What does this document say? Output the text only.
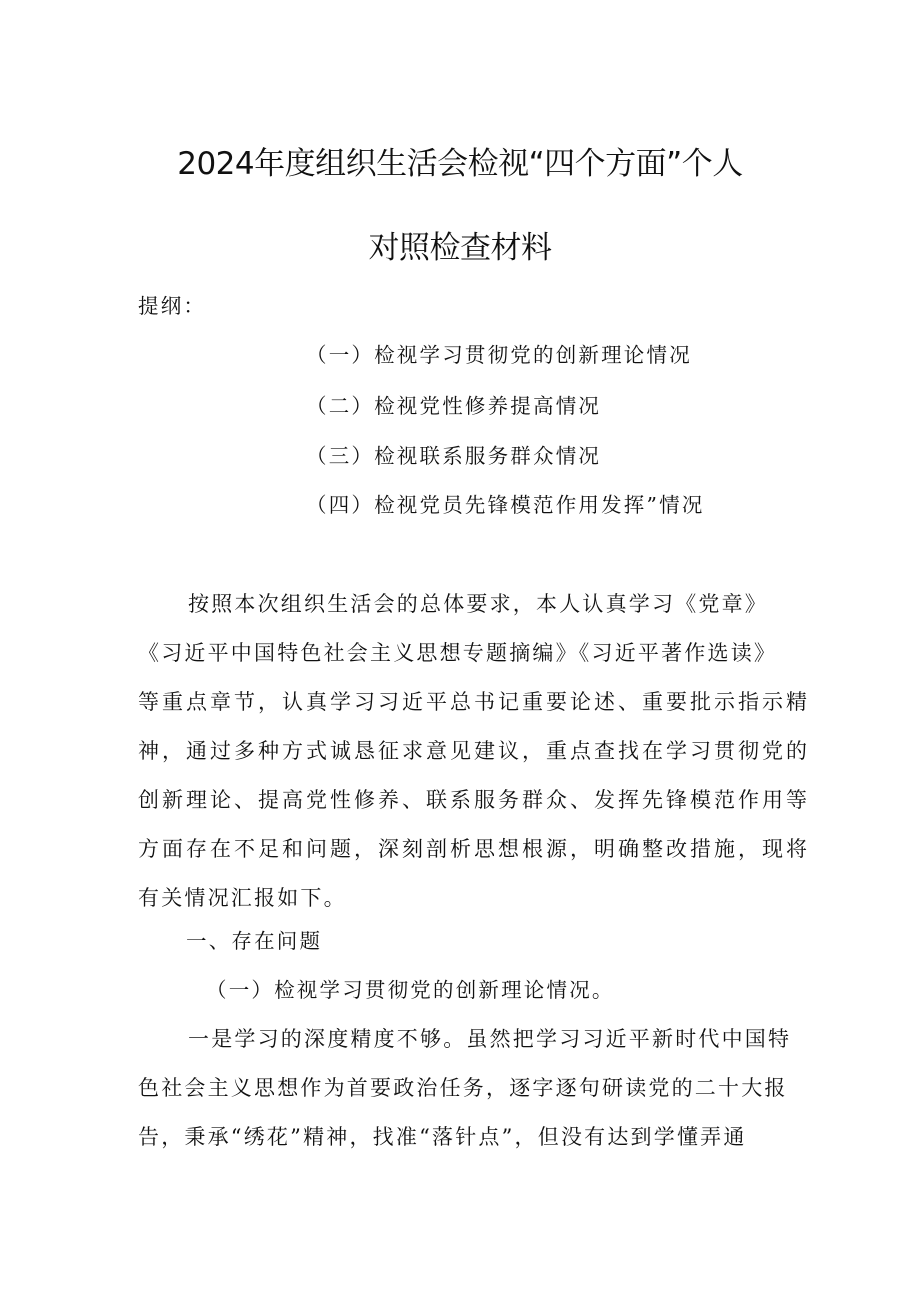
2024年度组织生活会检视“四个方面”个人
对照检查材料
提纲：
（一）检视学习贯彻党的创新理论情况
（二）检视党性修养提高情况
（三）检视联系服务群众情况
（四）检视党员先锋模范作用发挥”情况
按照本次组织生活会的总体要求，本人认真学习《党章》
《习近平中国特色社会主义思想专题摘编》《习近平著作选读》
等重点章节，认真学习习近平总书记重要论述、重要批示指示精
神，通过多种方式诚恳征求意见建议，重点查找在学习贯彻党的
创新理论、提高党性修养、联系服务群众、发挥先锋模范作用等
方面存在不足和问题，深刻剖析思想根源，明确整改措施，现将
有关情况汇报如下。
一、存在问题
（一）检视学习贯彻党的创新理论情况。
一是学习的深度精度不够。虽然把学习习近平新时代中国特
色社会主义思想作为首要政治任务，逐字逐句研读党的二十大报
告，秉承“绣花”精神，找准“落针点”，但没有达到学懂弄通
